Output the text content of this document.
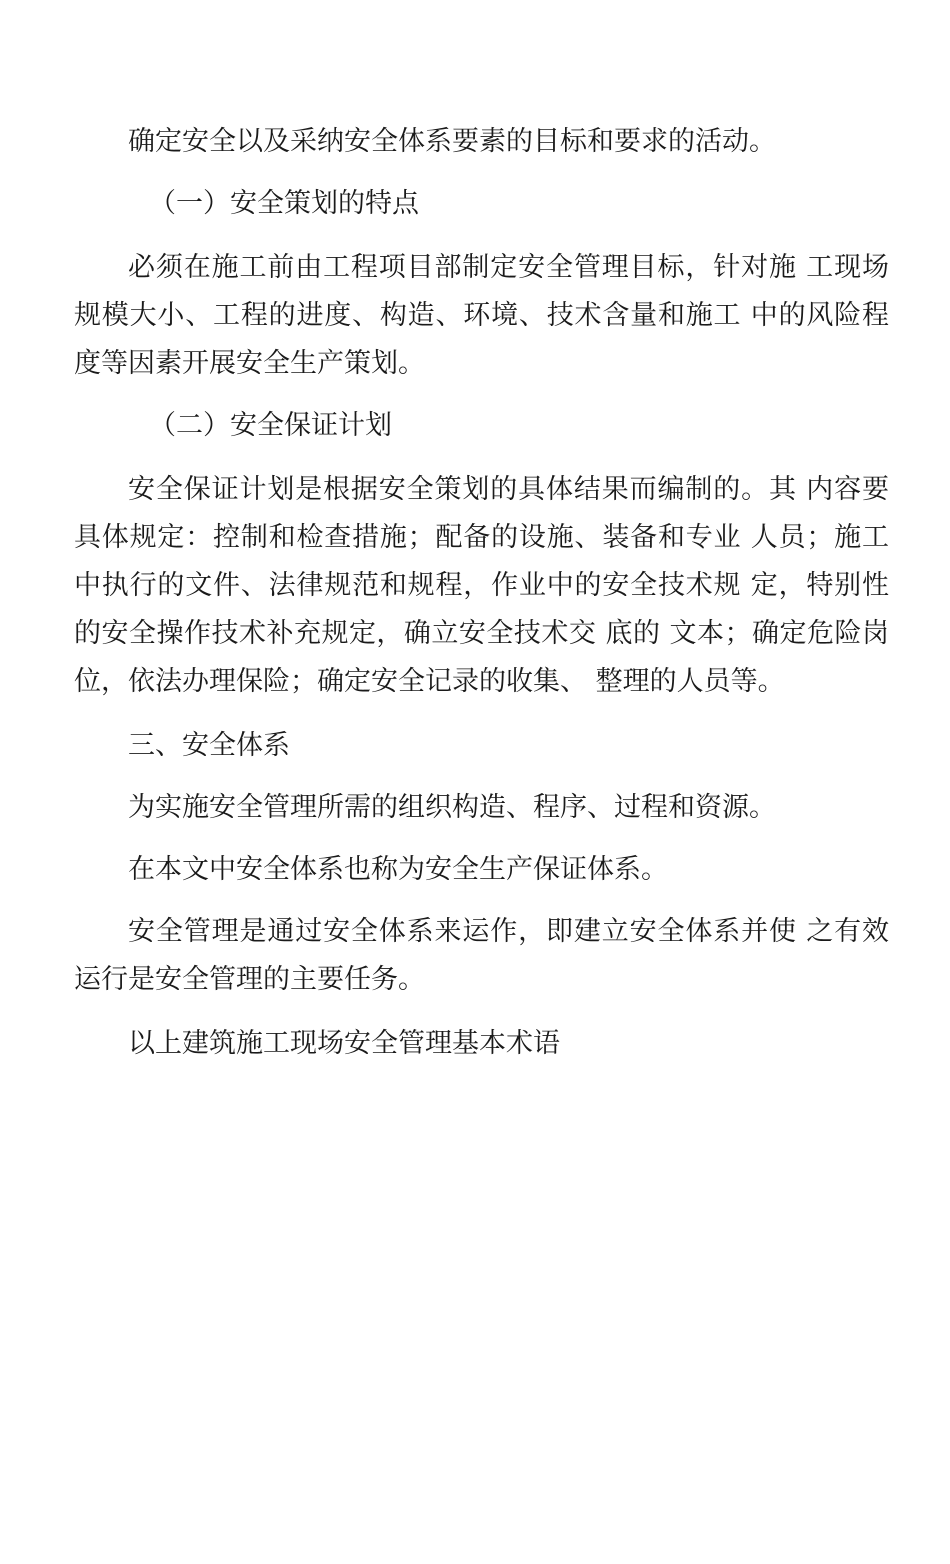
确定安全以及采纳安全体系要素的目标和要求的活动。

（一）安全策划的特点

必须在施工前由工程项目部制定安全管理目标，针对施 工现场规模大小、工程的进度、构造、环境、技术含量和施工 中的风险程度等因素开展安全生产策划。

（二）安全保证计划

安全保证计划是根据安全策划的具体结果而编制的。其 内容要具体规定：控制和检查措施；配备的设施、装备和专业 人员；施工中执行的文件、法律规范和规程，作业中的安全技术规 定，特别性的安全操作技术补充规定，确立安全技术交 底的 文本；确定危险岗位，依法办理保险；确定安全记录的收集、 整理的人员等。

三、安全体系

为实施安全管理所需的组织构造、程序、过程和资源。

在本文中安全体系也称为安全生产保证体系。

安全管理是通过安全体系来运作，即建立安全体系并使 之有效运行是安全管理的主要任务。

以上建筑施工现场安全管理基本术语
